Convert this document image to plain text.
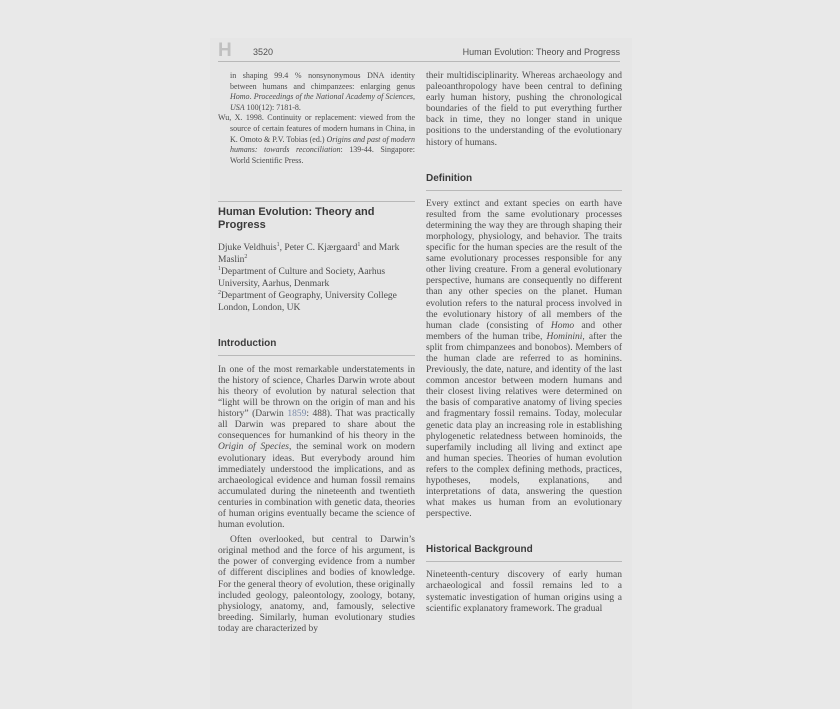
H 3520	Human Evolution: Theory and Progress

in shaping 99.4 % nonsynonymous DNA identity between humans and chimpanzees: enlarging genus Homo. Proceedings of the National Academy of Sciences, USA 100(12): 7181-8.

Wu, X. 1998. Continuity or replacement: viewed from the source of certain features of modern humans in China, in K. Omoto & P.V. Tobias (ed.) Origins and past of modern humans: towards reconciliation: 139-44. Singapore: World Scientific Press.

Human Evolution: Theory and Progress

Djuke Veldhuis$^1$, Peter C. Kjærgaard$^1$ and Mark Maslin$^2$

$^1$Department of Culture and Society, Aarhus University, Aarhus, Denmark

$^2$Department of Geography, University College London, London, UK

Introduction

In one of the most remarkable understatements in the history of science, Charles Darwin wrote about his theory of evolution by natural selection that “light will be thrown on the origin of man and his history” (Darwin 1859: 488). That was practically all Darwin was prepared to share about the consequences for humankind of his theory in the Origin of Species, the seminal work on modern evolutionary ideas. But everybody around him immediately understood the implications, and as archaeological evidence and human fossil remains accumulated during the nineteenth and twentieth centuries in combination with genetic data, theories of human origins eventually became the science of human evolution.

Often overlooked, but central to Darwin’s original method and the force of his argument, is the power of converging evidence from a number of different disciplines and bodies of knowledge. For the general theory of evolution, these originally included geology, paleontology, zoology, botany, physiology, anatomy, and, famously, selective breeding. Similarly, human evolutionary studies today are characterized by

their multidisciplinarity. Whereas archaeology and paleoanthropology have been central to defining early human history, pushing the chronological boundaries of the field to put everything further back in time, they no longer stand in unique positions to the understanding of the evolutionary history of humans.

Definition

Every extinct and extant species on earth have resulted from the same evolutionary processes determining the way they are through shaping their morphology, physiology, and behavior. The traits specific for the human species are the result of the same evolutionary processes responsible for any other living creature. From a general evolutionary perspective, humans are consequently no different than any other species on the planet. Human evolution refers to the natural process involved in the evolutionary history of all members of the human clade (consisting of Homo and other members of the human tribe, Hominini, after the split from chimpanzees and bonobos). Members of the human clade are referred to as hominins. Previously, the date, nature, and identity of the last common ancestor between modern humans and their closest living relatives were determined on the basis of comparative anatomy of living species and fragmentary fossil remains. Today, molecular genetic data play an increasing role in establishing phylogenetic relatedness between hominoids, the superfamily including all living and extinct ape and human species. Theories of human evolution refers to the complex defining methods, practices, hypotheses, models, explanations, and interpretations of data, answering the question what makes us human from an evolutionary perspective.

Historical Background

Nineteenth-century discovery of early human archaeological and fossil remains led to a systematic investigation of human origins using a scientific explanatory framework. The gradual
